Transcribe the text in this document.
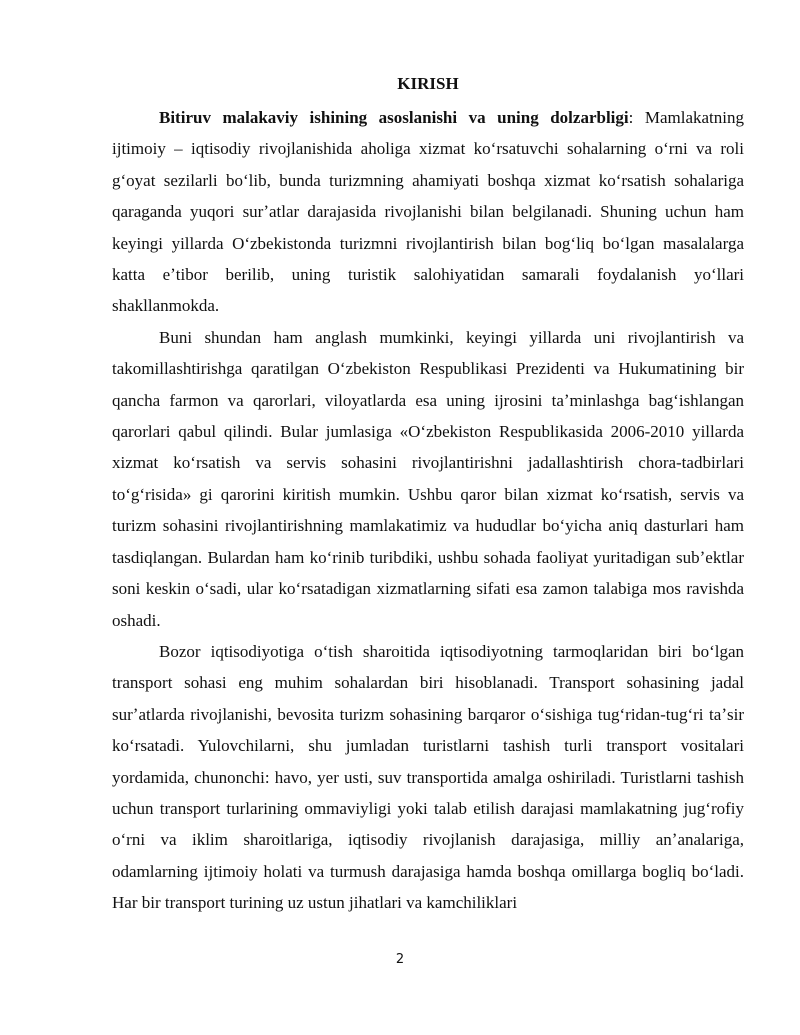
KIRISH

Bitiruv malakaviy ishining asoslanishi va uning dolzarbligi: Mamlakatning ijtimoiy – iqtisodiy rivojlanishida aholiga xizmat koʻrsatuvchi sohalarning oʻrni va roli gʻoyat sezilarli boʻlib, bunda turizmning ahamiyati boshqa xizmat koʻrsatish sohalariga qaraganda yuqori surʼatlar darajasida rivojlanishi bilan belgilanadi. Shuning uchun ham keyingi yillarda Oʻzbekistonda turizmni rivojlantirish bilan bogʻliq boʻlgan masalalarga katta eʼtibor berilib, uning turistik salohiyatidan samarali foydalanish yoʻllari shakllanmokda.

Buni shundan ham anglash mumkinki, keyingi yillarda uni rivojlantirish va takomillashtirishga qaratilgan Oʻzbekiston Respublikasi Prezidenti va Hukumatining bir qancha farmon va qarorlari, viloyatlarda esa uning ijrosini taʼminlashga bagʻishlangan qarorlari qabul qilindi. Bular jumlasiga «Oʻzbekiston Respublikasida 2006-2010 yillarda xizmat koʻrsatish va servis sohasini rivojlantirishni jadallashtirish chora-tadbirlari toʻgʻrisida» gi qarorini kiritish mumkin. Ushbu qaror bilan xizmat koʻrsatish, servis va turizm sohasini rivojlantirishning mamlakatimiz va hududlar boʻyicha aniq dasturlari ham tasdiqlangan. Bulardan ham koʻrinib turibdiki, ushbu sohada faoliyat yuritadigan subʼektlar soni keskin oʻsadi, ular koʻrsatadigan xizmatlarning sifati esa zamon talabiga mos ravishda oshadi.

Bozor iqtisodiyotiga oʻtish sharoitida iqtisodiyotning tarmoqlaridan biri boʻlgan transport sohasi eng muhim sohalardan biri hisoblanadi. Transport sohasining jadal surʼatlarda rivojlanishi, bevosita turizm sohasining barqaror oʻsishiga tugʻridan-tugʻri taʼsir koʻrsatadi. Yulovchilarni, shu jumladan turistlarni tashish turli transport vositalari yordamida, chunonchi: havo, yer usti, suv transportida amalga oshiriladi. Turistlarni tashish uchun transport turlarining ommaviyligi yoki talab etilish darajasi mamlakatning jugʻrofiy oʻrni va iklim sharoitlariga, iqtisodiy rivojlanish darajasiga, milliy anʼanalariga, odamlarning ijtimoiy holati va turmush darajasiga hamda boshqa omillarga bogliq boʻladi. Har bir transport turining uz ustun jihatlari va kamchiliklari

2
